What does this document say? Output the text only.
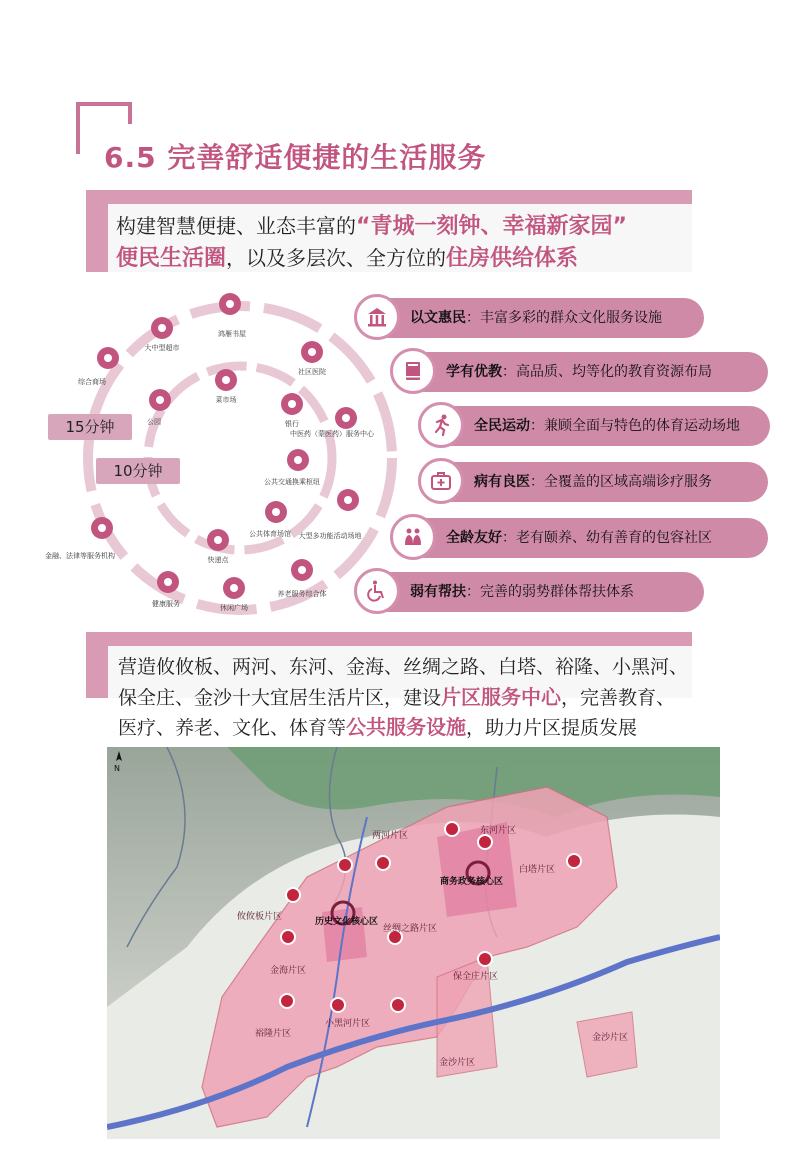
6.5 完善舒适便捷的生活服务
构建智慧便捷、业态丰富的“青城一刻钟、幸福新家园”
便民生活圈，以及多层次、全方位的住房供给体系
鸿雁书屋
社区医院
中医药（蒙医药）服务中心
大型多功能活动场地
养老服务综合体
休闲广场
健康服务
金融、法律等服务机构
综合商场
大中型超市
菜市场
银行
公共交通换乘枢纽
公共体育场馆
快递点
公园
15分钟
10分钟
以文惠民：丰富多彩的群众文化服务设施
学有优教：高品质、均等化的教育资源布局
全民运动：兼顾全面与特色的体育运动场地
病有良医：全覆盖的区域高端诊疗服务
全龄友好：老有颐养、幼有善育的包容社区
弱有帮扶：完善的弱势群体帮扶体系
营造攸攸板、两河、东河、金海、丝绸之路、白塔、裕隆、小黑河、
保全庄、金沙十大宜居生活片区，建设片区服务中心，完善教育、
医疗、养老、文化、体育等公共服务设施，助力片区提质发展
两河片区	东河片区
白塔片区
攸攸板片区
丝绸之路片区
金海片区
保全庄片区
裕隆片区
小黑河片区
金沙片区
金沙片区
历史文化核心区
商务政务核心区
N
